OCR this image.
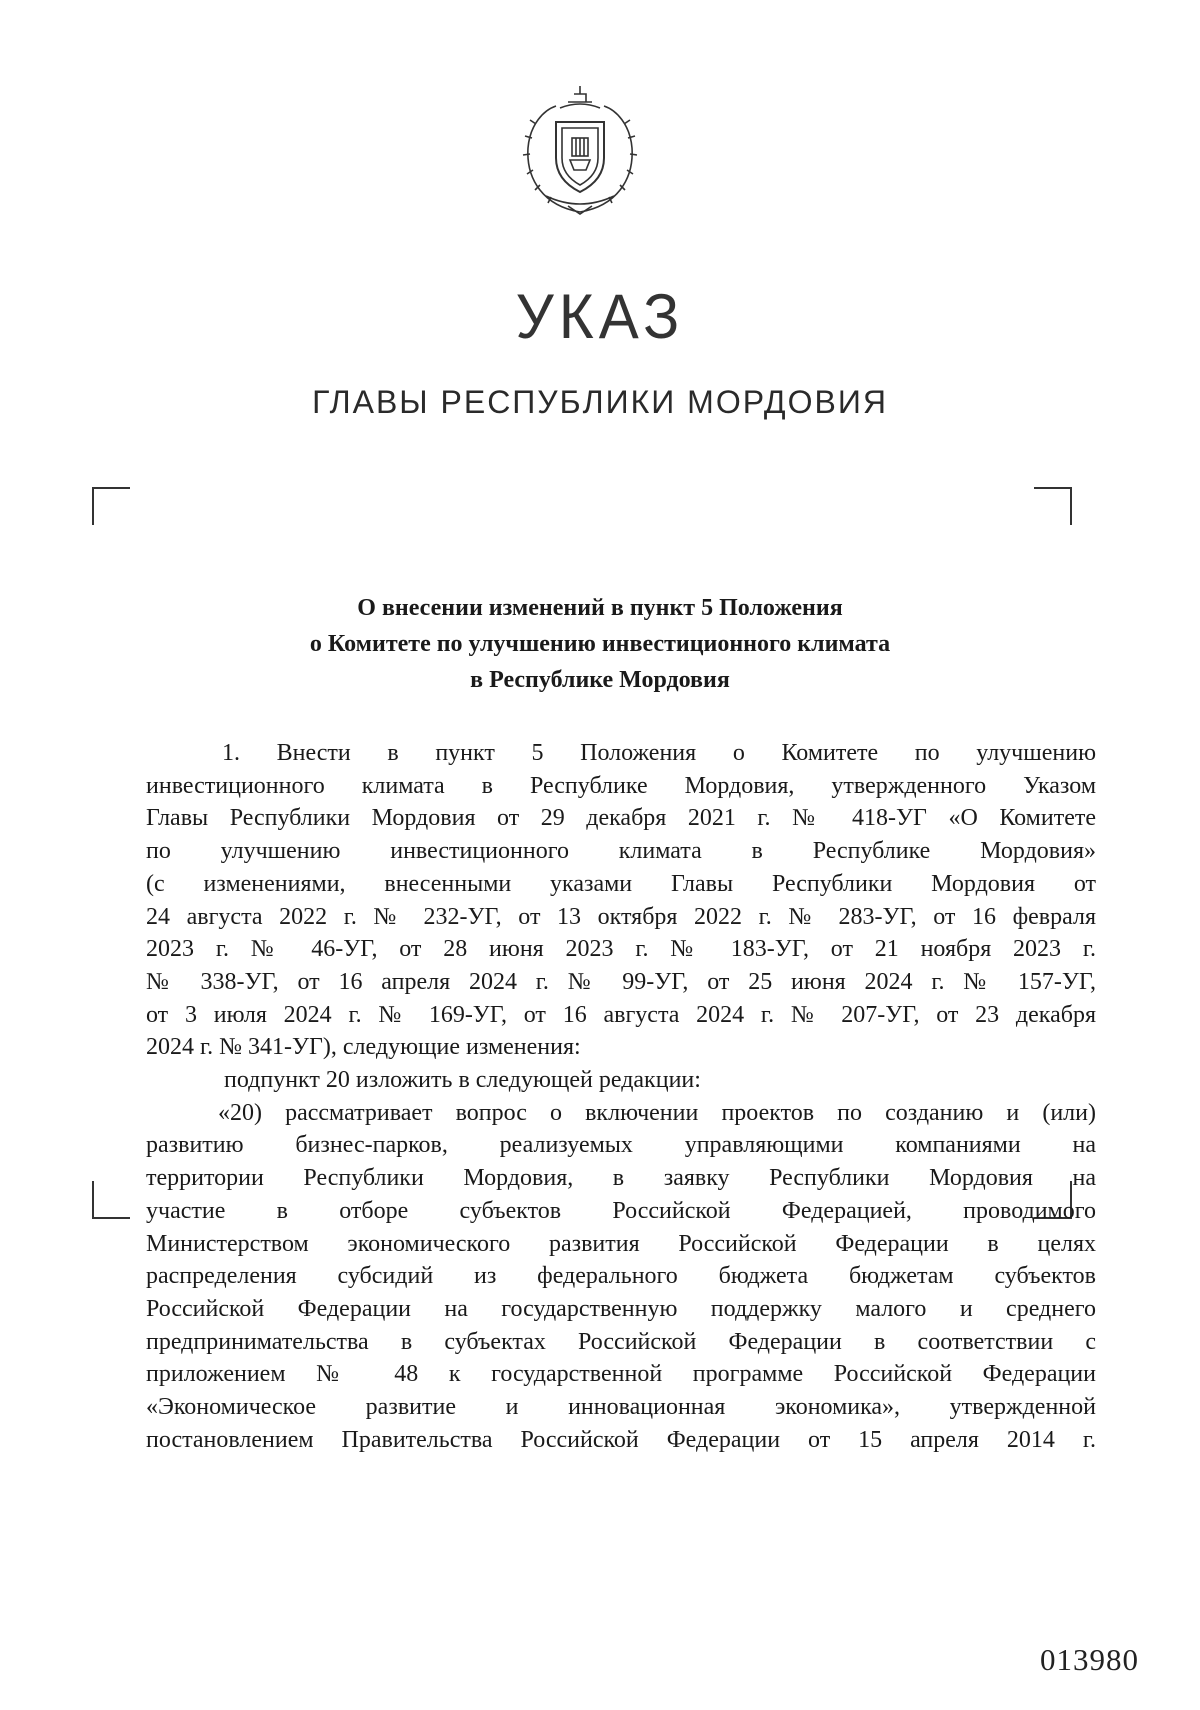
УКАЗ
ГЛАВЫ РЕСПУБЛИКИ МОРДОВИЯ
О внесении изменений в пункт 5 Положения
о Комитете по улучшению инвестиционного климата
в Республике Мордовия
1. Внести в пункт 5 Положения о Комитете по улучшению
инвестиционного климата в Республике Мордовия, утвержденного Указом
Главы Республики Мордовия от 29 декабря 2021 г. № 418-УГ «О Комитете
по улучшению инвестиционного климата в Республике Мордовия»
(с изменениями, внесенными указами Главы Республики Мордовия от
24 августа 2022 г. № 232-УГ, от 13 октября 2022 г. № 283-УГ, от 16 февраля
2023 г. № 46-УГ, от 28 июня 2023 г. № 183-УГ, от 21 ноября 2023 г.
№ 338-УГ, от 16 апреля 2024 г. № 99-УГ, от 25 июня 2024 г. № 157-УГ,
от 3 июля 2024 г. № 169-УГ, от 16 августа 2024 г. № 207-УГ, от 23 декабря
2024 г. № 341-УГ), следующие изменения:
подпункт 20 изложить в следующей редакции:
«20) рассматривает вопрос о включении проектов по созданию и (или)
развитию бизнес-парков, реализуемых управляющими компаниями на
территории Республики Мордовия, в заявку Республики Мордовия на
участие в отборе субъектов Российской Федерацией, проводимого
Министерством экономического развития Российской Федерации в целях
распределения субсидий из федерального бюджета бюджетам субъектов
Российской Федерации на государственную поддержку малого и среднего
предпринимательства в субъектах Российской Федерации в соответствии с
приложением № 48 к государственной программе Российской Федерации
«Экономическое развитие и инновационная экономика», утвержденной
постановлением Правительства Российской Федерации от 15 апреля 2014 г.
013980
